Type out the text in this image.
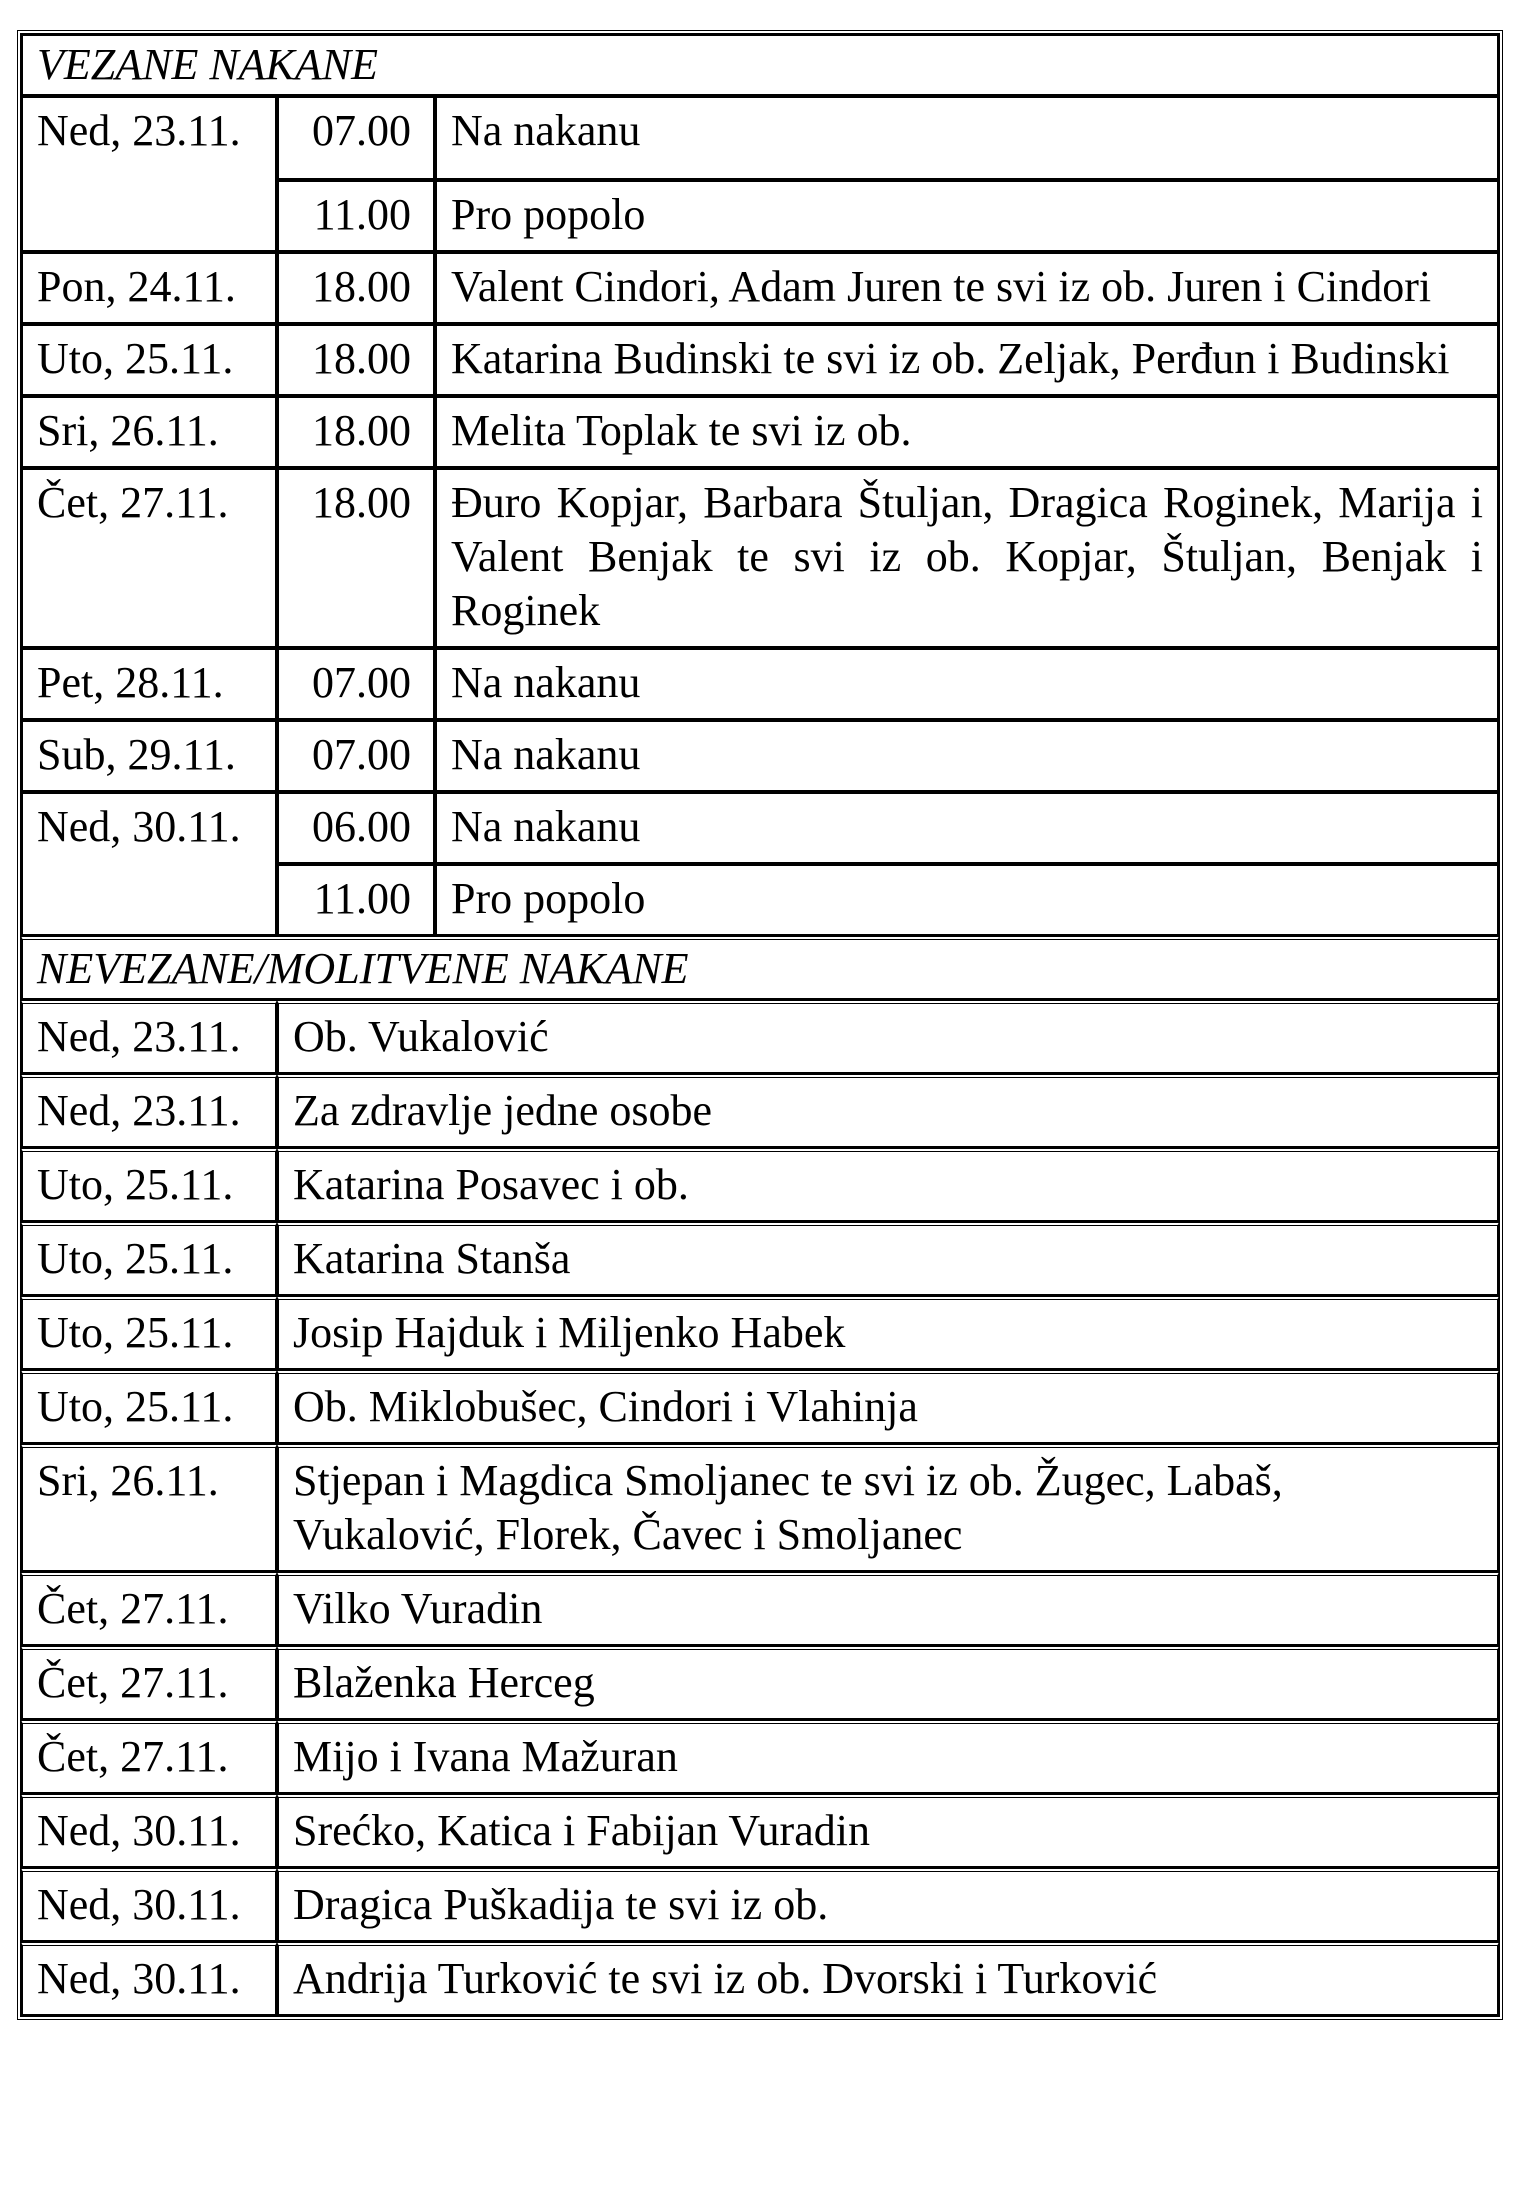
VEZANE NAKANE		
Ned, 23.11.	07.00	Na nakanu
	11.00	Pro popolo
Pon, 24.11.	18.00	Valent Cindori, Adam Juren te svi iz ob. Juren i Cindori
Uto, 25.11.	18.00	Katarina Budinski te svi iz ob. Zeljak, Perđun i Budinski
Sri, 26.11.	18.00	Melita Toplak te svi iz ob.
Čet, 27.11.	18.00	Đuro Kopjar, Barbara Štuljan, Dragica Roginek, Marija i Valent Benjak te svi iz ob. Kopjar, Štuljan, Benjak i Roginek
Pet, 28.11.	07.00	Na nakanu
Sub, 29.11.	07.00	Na nakanu
Ned, 30.11.	06.00	Na nakanu
	11.00	Pro popolo
NEVEZANE/MOLITVENE NAKANE		
Ned, 23.11.	Ob. Vukalović	
Ned, 23.11.	Za zdravlje jedne osobe	
Uto, 25.11.	Katarina Posavec i ob.	
Uto, 25.11.	Katarina Stanša	
Uto, 25.11.	Josip Hajduk i Miljenko Habek	
Uto, 25.11.	Ob. Miklobušec, Cindori i Vlahinja	
Sri, 26.11.	Stjepan i Magdica Smoljanec te svi iz ob. Žugec, Labaš, Vukalović, Florek, Čavec i Smoljanec	
Čet, 27.11.	Vilko Vuradin	
Čet, 27.11.	Blaženka Herceg	
Čet, 27.11.	Mijo i Ivana Mažuran	
Ned, 30.11.	Srećko, Katica i Fabijan Vuradin	
Ned, 30.11.	Dragica Puškadija te svi iz ob.	
Ned, 30.11.	Andrija Turković te svi iz ob. Dvorski i Turković	
